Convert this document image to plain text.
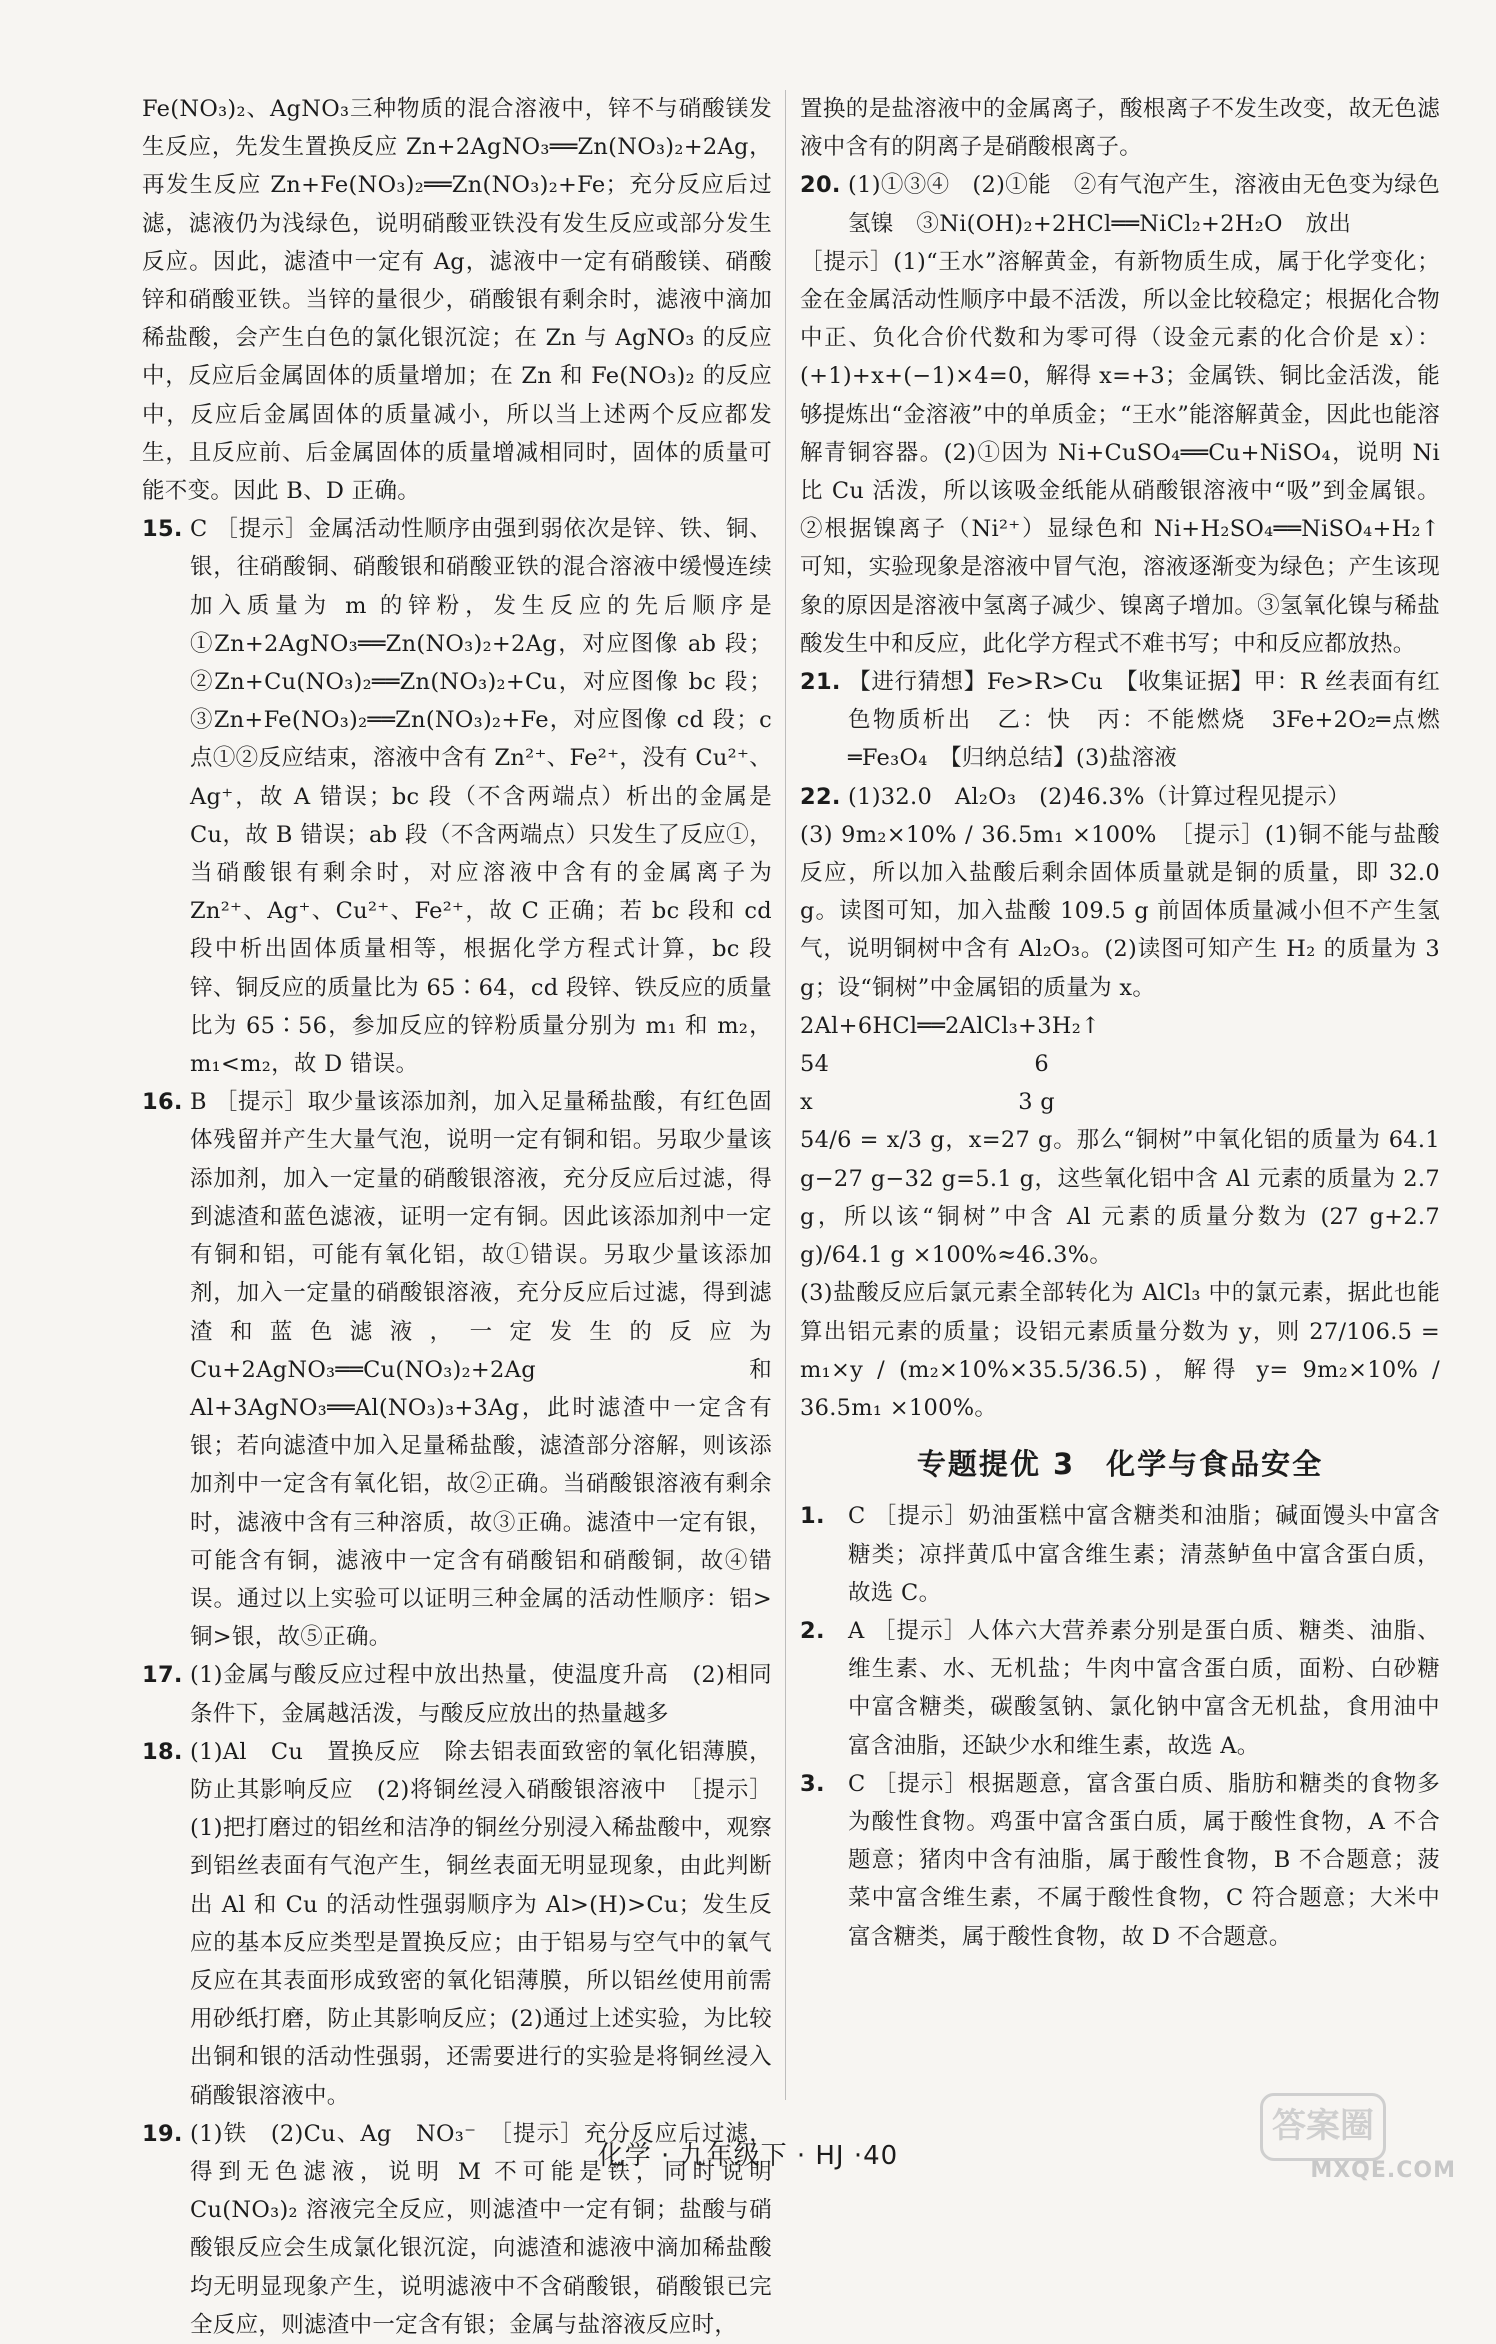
Fe(NO₃)₂、AgNO₃三种物质的混合溶液中，锌不与硝酸镁发生反应，先发生置换反应 Zn+2AgNO₃══Zn(NO₃)₂+2Ag，再发生反应 Zn+Fe(NO₃)₂══Zn(NO₃)₂+Fe；充分反应后过滤，滤液仍为浅绿色，说明硝酸亚铁没有发生反应或部分发生反应。因此，滤渣中一定有 Ag，滤液中一定有硝酸镁、硝酸锌和硝酸亚铁。当锌的量很少，硝酸银有剩余时，滤液中滴加稀盐酸，会产生白色的氯化银沉淀；在 Zn 与 AgNO₃ 的反应中，反应后金属固体的质量增加；在 Zn 和 Fe(NO₃)₂ 的反应中，反应后金属固体的质量减小，所以当上述两个反应都发生，且反应前、后金属固体的质量增减相同时，固体的质量可能不变。因此 B、D 正确。

15. C ［提示］金属活动性顺序由强到弱依次是锌、铁、铜、银，往硝酸铜、硝酸银和硝酸亚铁的混合溶液中缓慢连续加入质量为 m 的锌粉，发生反应的先后顺序是①Zn+2AgNO₃══Zn(NO₃)₂+2Ag，对应图像 ab 段；②Zn+Cu(NO₃)₂══Zn(NO₃)₂+Cu，对应图像 bc 段；③Zn+Fe(NO₃)₂══Zn(NO₃)₂+Fe，对应图像 cd 段；c 点①②反应结束，溶液中含有 Zn²⁺、Fe²⁺，没有 Cu²⁺、Ag⁺，故 A 错误；bc 段（不含两端点）析出的金属是 Cu，故 B 错误；ab 段（不含两端点）只发生了反应①，当硝酸银有剩余时，对应溶液中含有的金属离子为 Zn²⁺、Ag⁺、Cu²⁺、Fe²⁺，故 C 正确；若 bc 段和 cd 段中析出固体质量相等，根据化学方程式计算，bc 段锌、铜反应的质量比为 65∶64，cd 段锌、铁反应的质量比为 65∶56，参加反应的锌粉质量分别为 m₁ 和 m₂，m₁<m₂，故 D 错误。

16. B ［提示］取少量该添加剂，加入足量稀盐酸，有红色固体残留并产生大量气泡，说明一定有铜和铝。另取少量该添加剂，加入一定量的硝酸银溶液，充分反应后过滤，得到滤渣和蓝色滤液，证明一定有铜。因此该添加剂中一定有铜和铝，可能有氧化铝，故①错误。另取少量该添加剂，加入一定量的硝酸银溶液，充分反应后过滤，得到滤渣和蓝色滤液，一定发生的反应为 Cu+2AgNO₃══Cu(NO₃)₂+2Ag 和 Al+3AgNO₃══Al(NO₃)₃+3Ag，此时滤渣中一定含有银；若向滤渣中加入足量稀盐酸，滤渣部分溶解，则该添加剂中一定含有氧化铝，故②正确。当硝酸银溶液有剩余时，滤液中含有三种溶质，故③正确。滤渣中一定有银，可能含有铜，滤液中一定含有硝酸铝和硝酸铜，故④错误。通过以上实验可以证明三种金属的活动性顺序：铝>铜>银，故⑤正确。

17. (1)金属与酸反应过程中放出热量，使温度升高　(2)相同条件下，金属越活泼，与酸反应放出的热量越多

18. (1)Al　Cu　置换反应　除去铝表面致密的氧化铝薄膜，防止其影响反应　(2)将铜丝浸入硝酸银溶液中　［提示］(1)把打磨过的铝丝和洁净的铜丝分别浸入稀盐酸中，观察到铝丝表面有气泡产生，铜丝表面无明显现象，由此判断出 Al 和 Cu 的活动性强弱顺序为 Al>(H)>Cu；发生反应的基本反应类型是置换反应；由于铝易与空气中的氧气反应在其表面形成致密的氧化铝薄膜，所以铝丝使用前需用砂纸打磨，防止其影响反应；(2)通过上述实验，为比较出铜和银的活动性强弱，还需要进行的实验是将铜丝浸入硝酸银溶液中。

19. (1)铁　(2)Cu、Ag　NO₃⁻　［提示］充分反应后过滤，得到无色滤液，说明 M 不可能是铁，同时说明 Cu(NO₃)₂ 溶液完全反应，则滤渣中一定有铜；盐酸与硝酸银反应会生成氯化银沉淀，向滤渣和滤液中滴加稀盐酸均无明显现象产生，说明滤液中不含硝酸银，硝酸银已完全反应，则滤渣中一定含有银；金属与盐溶液反应时，

置换的是盐溶液中的金属离子，酸根离子不发生改变，故无色滤液中含有的阴离子是硝酸根离子。

20. (1)①③④　(2)①能　②有气泡产生，溶液由无色变为绿色　氢镍　③Ni(OH)₂+2HCl══NiCl₂+2H₂O　放出

［提示］(1)“王水”溶解黄金，有新物质生成，属于化学变化；金在金属活动性顺序中最不活泼，所以金比较稳定；根据化合物中正、负化合价代数和为零可得（设金元素的化合价是 x）：(+1)+x+(−1)×4=0，解得 x=+3；金属铁、铜比金活泼，能够提炼出“金溶液”中的单质金；“王水”能溶解黄金，因此也能溶解青铜容器。(2)①因为 Ni+CuSO₄══Cu+NiSO₄，说明 Ni 比 Cu 活泼，所以该吸金纸能从硝酸银溶液中“吸”到金属银。②根据镍离子（Ni²⁺）显绿色和 Ni+H₂SO₄══NiSO₄+H₂↑ 可知，实验现象是溶液中冒气泡，溶液逐渐变为绿色；产生该现象的原因是溶液中氢离子减少、镍离子增加。③氢氧化镍与稀盐酸发生中和反应，此化学方程式不难书写；中和反应都放热。

21. 【进行猜想】Fe>R>Cu　【收集证据】甲：R 丝表面有红色物质析出　乙：快　丙：不能燃烧　3Fe+2O₂═点燃═Fe₃O₄　【归纳总结】(3)盐溶液

22. (1)32.0　Al₂O₃　(2)46.3%（计算过程见提示）

(3) 9m₂×10% / 36.5m₁ ×100%　［提示］(1)铜不能与盐酸反应，所以加入盐酸后剩余固体质量就是铜的质量，即 32.0 g。读图可知，加入盐酸 109.5 g 前固体质量减小但不产生氢气，说明铜树中含有 Al₂O₃。(2)读图可知产生 H₂ 的质量为 3 g；设“铜树”中金属铝的质量为 x。

2Al+6HCl══2AlCl₃+3H₂↑

54　　　　　　　　　6

x　　　　　　　　　3 g

54/6 = x/3 g，x=27 g。那么“铜树”中氧化铝的质量为 64.1 g−27 g−32 g=5.1 g，这些氧化铝中含 Al 元素的质量为 2.7 g，所以该“铜树”中含 Al 元素的质量分数为 (27 g+2.7 g)/64.1 g ×100%≈46.3%。

(3)盐酸反应后氯元素全部转化为 AlCl₃ 中的氯元素，据此也能算出铝元素的质量；设铝元素质量分数为 y，则 27/106.5 = m₁×y / (m₂×10%×35.5/36.5)，解得 y= 9m₂×10% / 36.5m₁ ×100%。

专题提优 3　化学与食品安全

1. C ［提示］奶油蛋糕中富含糖类和油脂；碱面馒头中富含糖类；凉拌黄瓜中富含维生素；清蒸鲈鱼中富含蛋白质，故选 C。

2. A ［提示］人体六大营养素分别是蛋白质、糖类、油脂、维生素、水、无机盐；牛肉中富含蛋白质，面粉、白砂糖中富含糖类，碳酸氢钠、氯化钠中富含无机盐，食用油中富含油脂，还缺少水和维生素，故选 A。

3. C ［提示］根据题意，富含蛋白质、脂肪和糖类的食物多为酸性食物。鸡蛋中富含蛋白质，属于酸性食物，A 不合题意；猪肉中含有油脂，属于酸性食物，B 不合题意；菠菜中富含维生素，不属于酸性食物，C 符合题意；大米中富含糖类，属于酸性食物，故 D 不合题意。

化学 · 九年级下 · HJ ·40
答案圈
MXQE.COM
